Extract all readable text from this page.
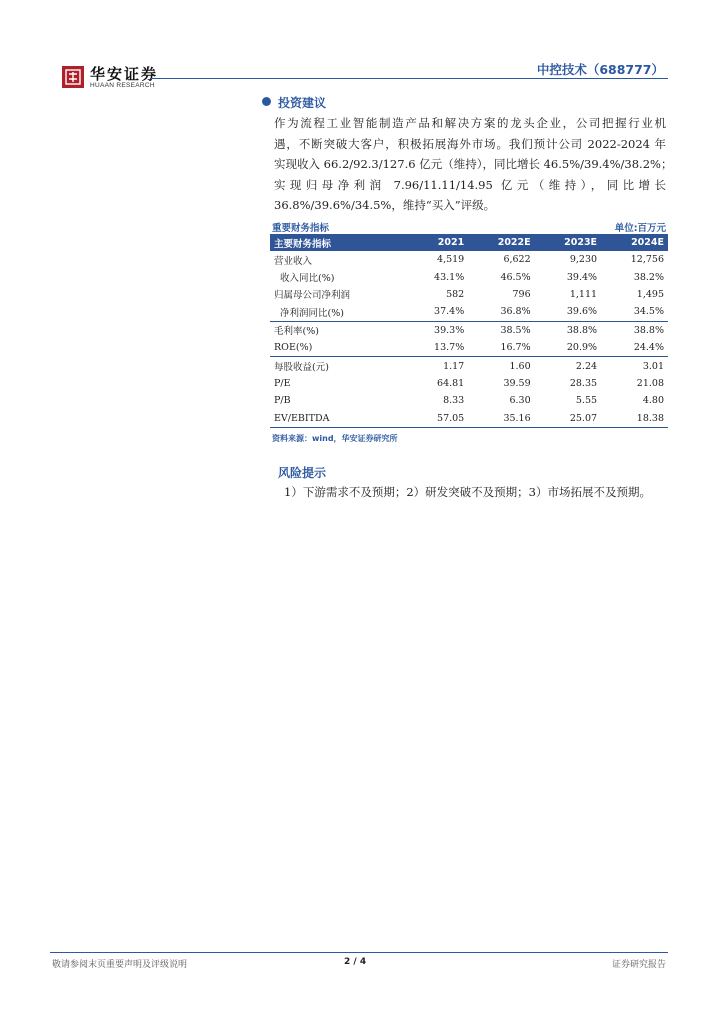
华安证券
HUAAN RESEARCH
中控技术（688777）
投资建议
作为流程工业智能制造产品和解决方案的龙头企业，公司把握行业机
遇，不断突破大客户，积极拓展海外市场。我们预计公司 2022-2024 年
实现收入 66.2/92.3/127.6 亿元（维持），同比增长 46.5%/39.4%/38.2%；
实现归母净利润 7.96/11.11/14.95 亿元（维持），同比增长
36.8%/39.6%/34.5%，维持“买入”评级。
重要财务指标	单位:百万元
主要财务指标	2021	2022E	2023E	2024E
营业收入	4,519	6,622	9,230	12,756
收入同比(%)	43.1%	46.5%	39.4%	38.2%
归属母公司净利润	582	796	1,111	1,495
净利润同比(%)	37.4%	36.8%	39.6%	34.5%
毛利率(%)	39.3%	38.5%	38.8%	38.8%
ROE(%)	13.7%	16.7%	20.9%	24.4%
每股收益(元)	1.17	1.60	2.24	3.01
P/E	64.81	39.59	28.35	21.08
P/B	8.33	6.30	5.55	4.80
EV/EBITDA	57.05	35.16	25.07	18.38
资料来源：wind，华安证券研究所
风险提示
1）下游需求不及预期；2）研发突破不及预期；3）市场拓展不及预期。
敬请参阅末页重要声明及评级说明	2 / 4	证券研究报告
